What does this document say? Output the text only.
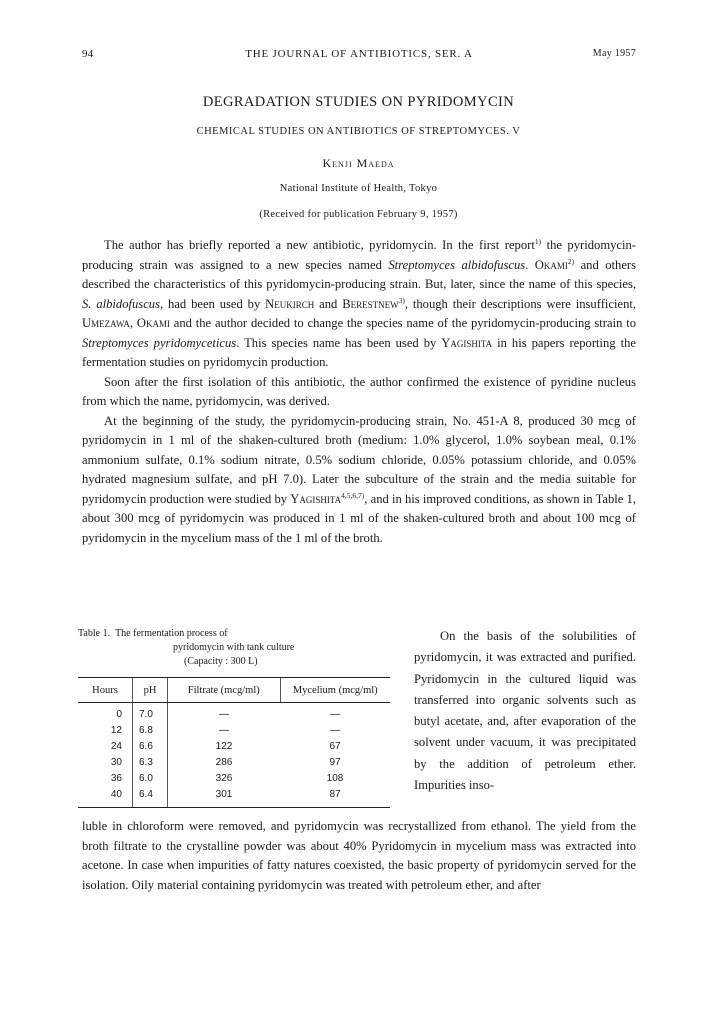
94	THE JOURNAL OF ANTIBIOTICS, SER. A	May 1957
DEGRADATION STUDIES ON PYRIDOMYCIN
CHEMICAL STUDIES ON ANTIBIOTICS OF STREPTOMYCES. V
Kenji Maeda
National Institute of Health, Tokyo
(Received for publication February 9, 1957)

The author has briefly reported a new antibiotic, pyridomycin. In the first report$^{1)}$ the pyridomycin-producing strain was assigned to a new species named Streptomyces albidofuscus. Okami$^{2)}$ and others described the characteristics of this pyridomycin-producing strain. But, later, since the name of this species, S. albidofuscus, had been used by Neukirch and Berestnew$^{3)}$, though their descriptions were insufficient, Umezawa, Okami and the author decided to change the species name of the pyridomycin-producing strain to Streptomyces pyridomyceticus. This species name has been used by Yagishita in his papers reporting the fermentation studies on pyridomycin production.

Soon after the first isolation of this antibiotic, the author confirmed the existence of pyridine nucleus from which the name, pyridomycin, was derived.

At the beginning of the study, the pyridomycin-producing strain, No. 451-A 8, produced 30 mcg of pyridomycin in 1 ml of the shaken-cultured broth (medium: 1.0% glycerol, 1.0% soybean meal, 0.1% ammonium sulfate, 0.1% sodium nitrate, 0.5% sodium chloride, 0.05% potassium chloride, and 0.05% hydrated magnesium sulfate, and pH 7.0). Later the subculture of the strain and the media suitable for pyridomycin production were studied by Yagishita$^{4,5,6,7)}$, and in his improved conditions, as shown in Table 1, about 300 mcg of pyridomycin was produced in 1 ml of the shaken-cultured broth and about 100 mcg of pyridomycin in the mycelium mass of the 1 ml of the broth.

Table 1. The fermentation process of
pyridomycin with tank culture
(Capacity : 300 L)
Hours	pH	Filtrate (mcg/ml)	Mycelium (mcg/ml)
0	7.0	—	—
12	6.8	—	—
24	6.6	122	67
30	6.3	286	97
36	6.0	326	108
40	6.4	301	87

On the basis of the solubilities of pyridomycin, it was extracted and purified. Pyridomycin in the cultured liquid was transferred into organic solvents such as butyl acetate, and, after evaporation of the solvent under vacuum, it was precipitated by the addition of petroleum ether. Impurities inso-

luble in chloroform were removed, and pyridomycin was recrystallized from ethanol. The yield from the broth filtrate to the crystalline powder was about 40% Pyridomycin in mycelium mass was extracted into acetone. In case when impurities of fatty natures coexisted, the basic property of pyridomycin served for the isolation. Oily material containing pyridomycin was treated with petroleum ether, and after
